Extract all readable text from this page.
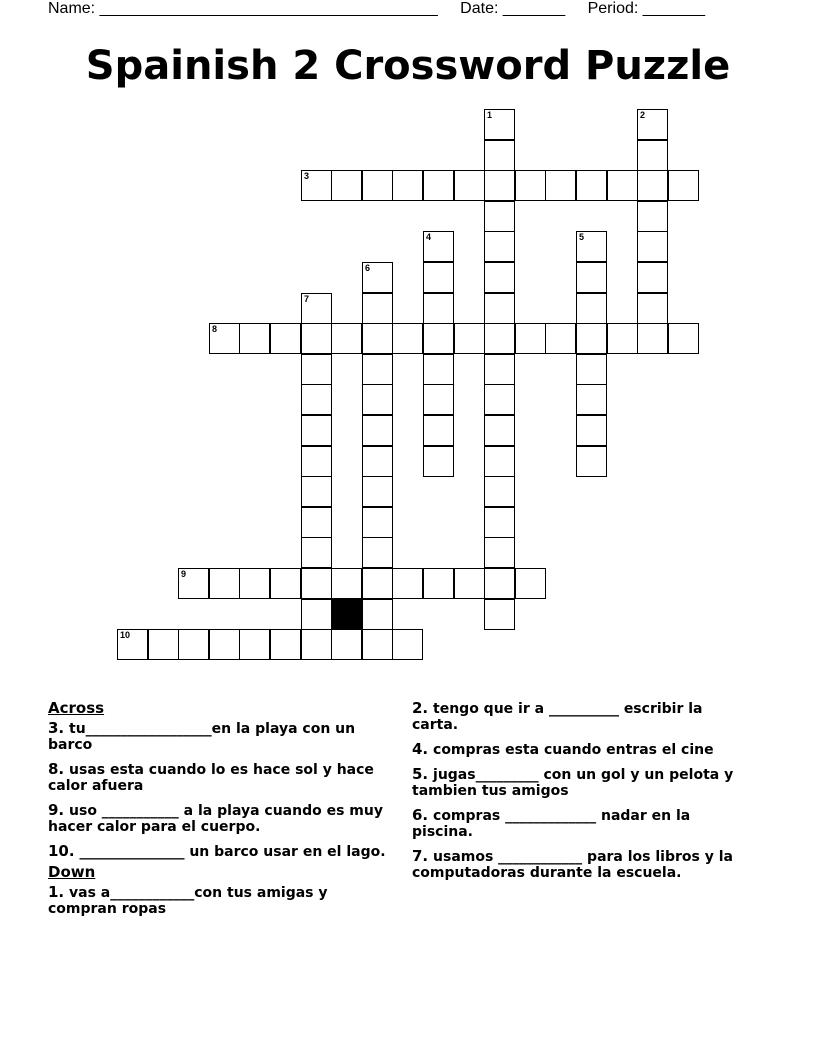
Name: ______________________________________ Date: _______ Period: _______
Spainish 2 Crossword Puzzle
1	2
3
4	5
6
7
8
9
10
Across
3. tu__________________en la playa con un barco
8. usas esta cuando lo es hace sol y hace calor afuera
9. uso ___________ a la playa cuando es muy hacer calor para el cuerpo.
10. _______________ un barco usar en el lago.
Down
1. vas a____________con tus amigas y compran ropas
2. tengo que ir a __________ escribir la carta.
4. compras esta cuando entras el cine
5. jugas_________ con un gol y un pelota y tambien tus amigos
6. compras _____________ nadar en la piscina.
7. usamos ____________ para los libros y la computadoras durante la escuela.
